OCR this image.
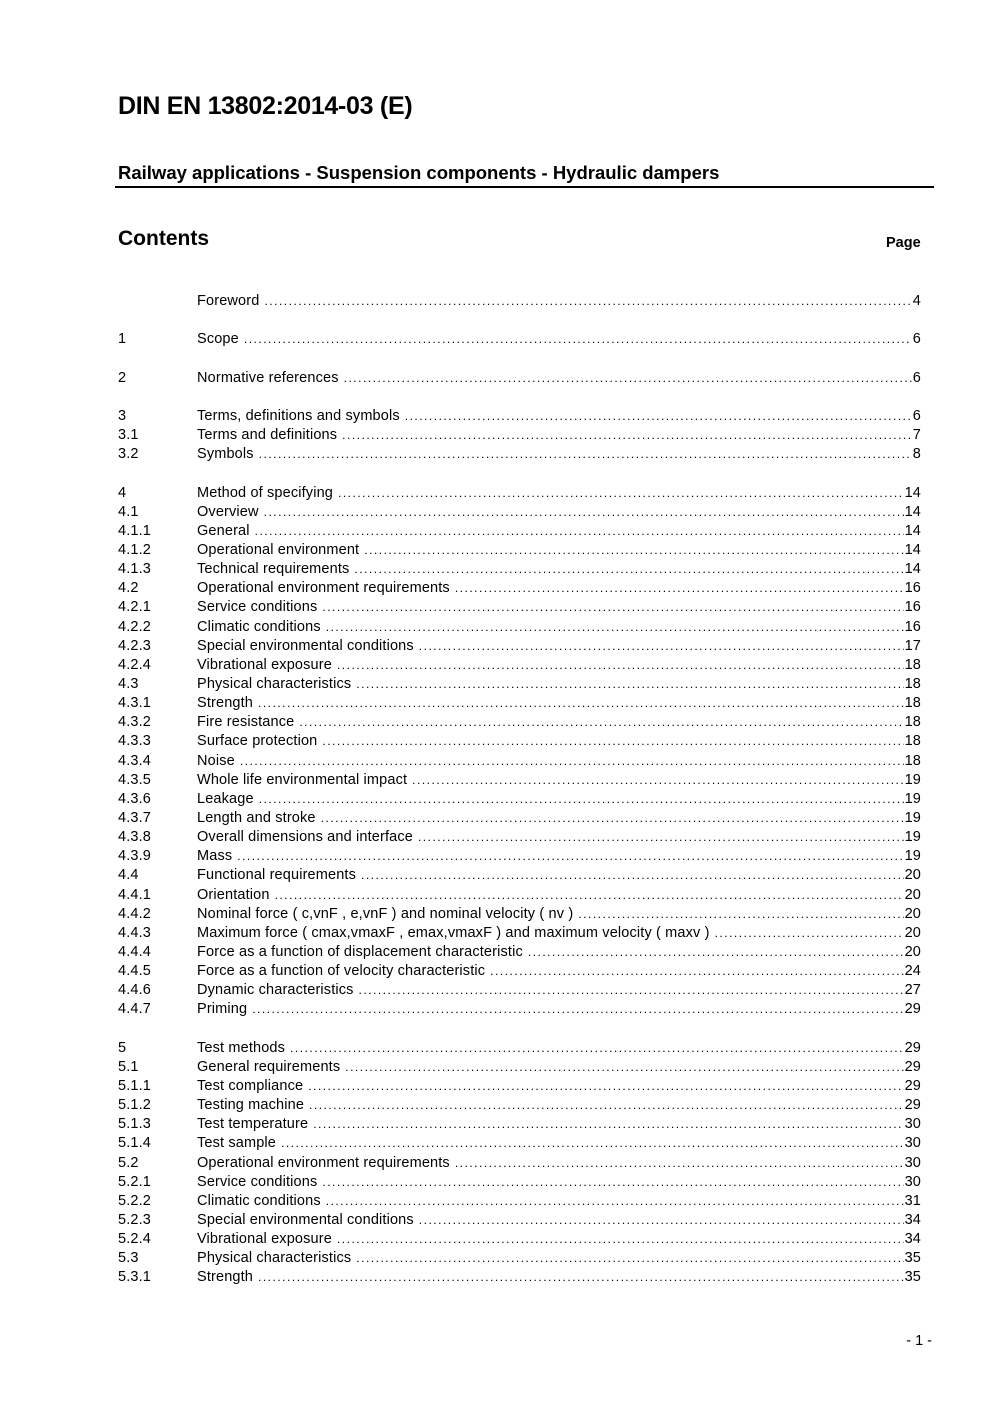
DIN EN 13802:2014-03 (E)
Railway applications - Suspension components - Hydraulic dampers
Contents	Page
Foreword .....	4
1	Scope .....	6
2	Normative references .....	6
3	Terms, definitions and symbols .....	6
3.1	Terms and definitions .....	7
3.2	Symbols .....	8
4	Method of specifying .....	14
4.1	Overview .....	14
4.1.1	General .....	14
4.1.2	Operational environment .....	14
4.1.3	Technical requirements .....	14
4.2	Operational environment requirements .....	16
4.2.1	Service conditions .....	16
4.2.2	Climatic conditions .....	16
4.2.3	Special environmental conditions .....	17
4.2.4	Vibrational exposure .....	18
4.3	Physical characteristics .....	18
4.3.1	Strength .....	18
4.3.2	Fire resistance .....	18
4.3.3	Surface protection .....	18
4.3.4	Noise .....	18
4.3.5	Whole life environmental impact .....	19
4.3.6	Leakage .....	19
4.3.7	Length and stroke .....	19
4.3.8	Overall dimensions and interface .....	19
4.3.9	Mass .....	19
4.4	Functional requirements .....	20
4.4.1	Orientation .....	20
4.4.2	Nominal force ( c,vnF , e,vnF ) and nominal velocity ( nv ) .....	20
4.4.3	Maximum force ( cmax,vmaxF , emax,vmaxF ) and maximum velocity ( maxv ) .....	20
4.4.4	Force as a function of displacement characteristic .....	20
4.4.5	Force as a function of velocity characteristic .....	24
4.4.6	Dynamic characteristics .....	27
4.4.7	Priming .....	29
5	Test methods .....	29
5.1	General requirements .....	29
5.1.1	Test compliance .....	29
5.1.2	Testing machine .....	29
5.1.3	Test temperature .....	30
5.1.4	Test sample .....	30
5.2	Operational environment requirements .....	30
5.2.1	Service conditions .....	30
5.2.2	Climatic conditions .....	31
5.2.3	Special environmental conditions .....	34
5.2.4	Vibrational exposure .....	34
5.3	Physical characteristics .....	35
5.3.1	Strength .....	35
- 1 -
